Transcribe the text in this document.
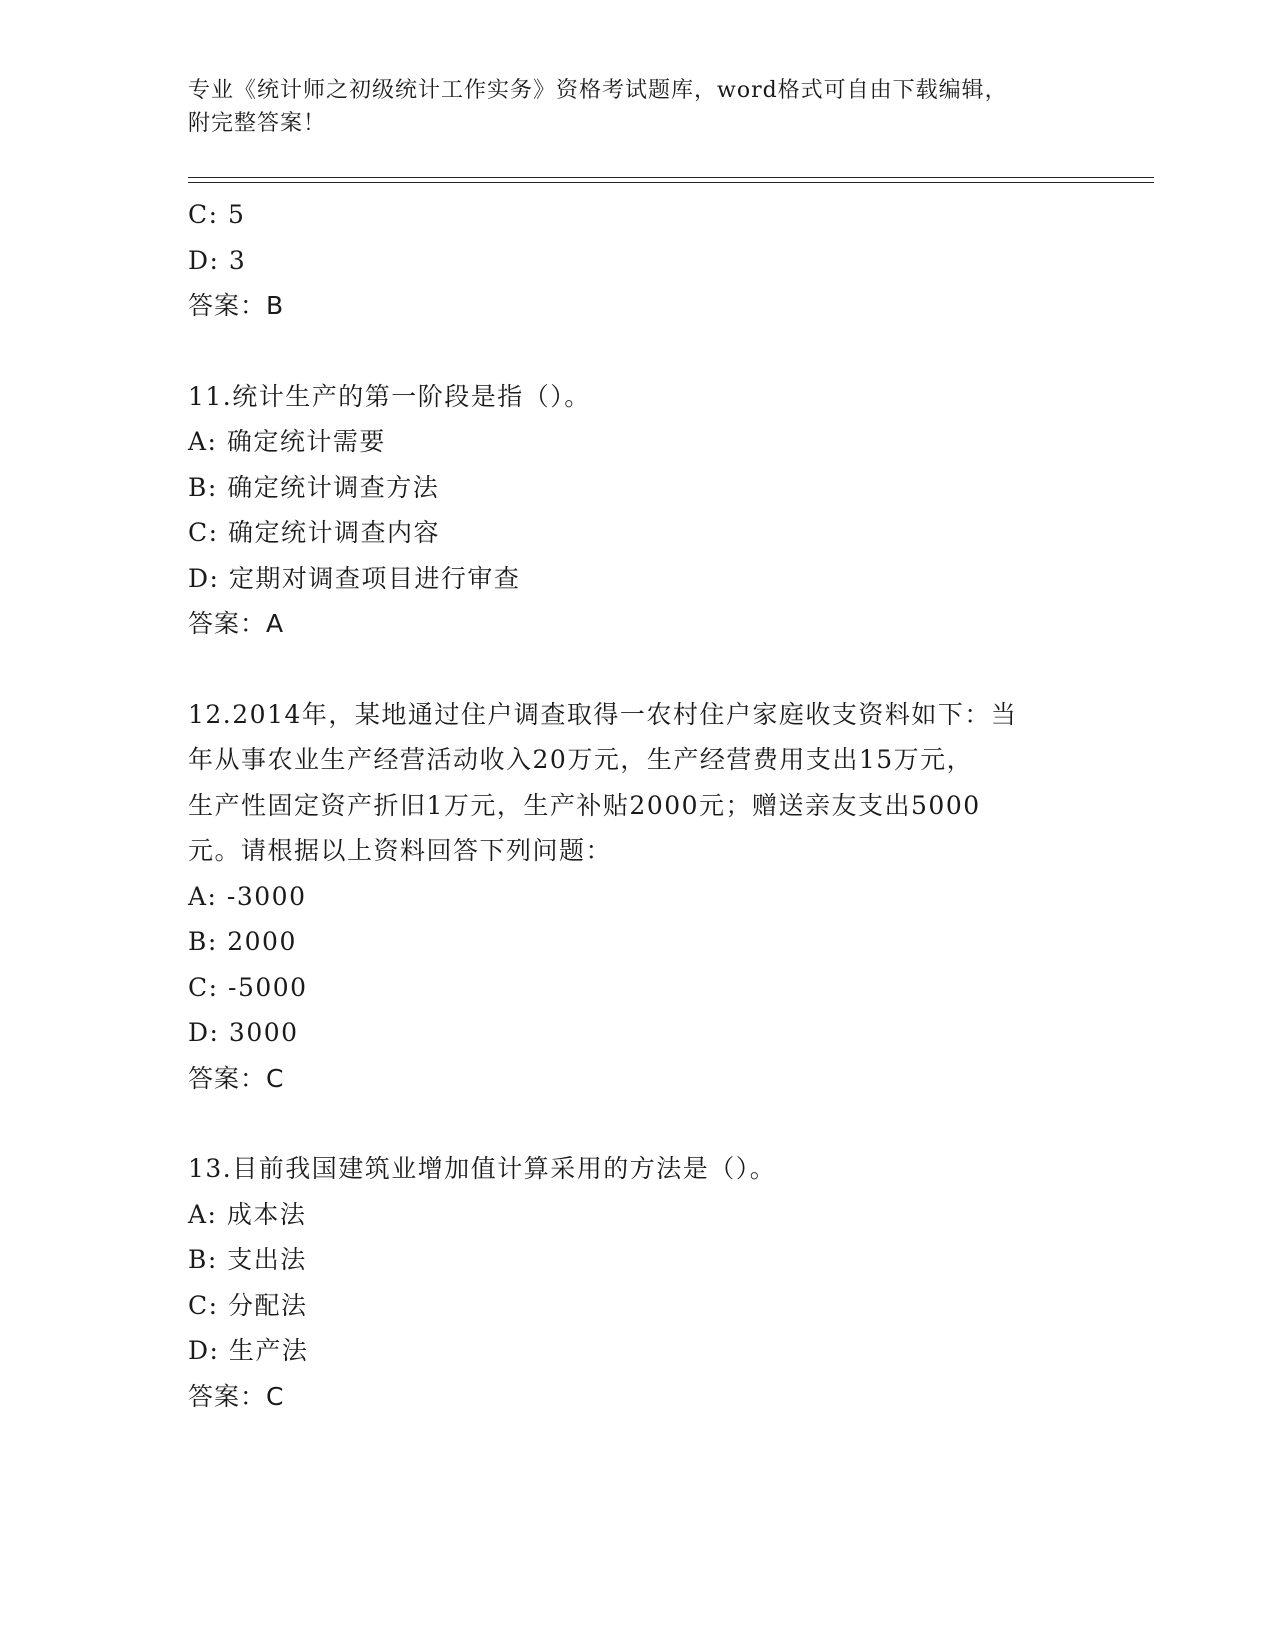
专业《统计师之初级统计工作实务》资格考试题库，word格式可自由下载编辑，
附完整答案！
C: 5
D: 3
答案：B
11.统计生产的第一阶段是指（）。
A: 确定统计需要
B: 确定统计调查方法
C: 确定统计调查内容
D: 定期对调查项目进行审查
答案：A
12.2014年，某地通过住户调查取得一农村住户家庭收支资料如下：当
年从事农业生产经营活动收入20万元，生产经营费用支出15万元，
生产性固定资产折旧1万元，生产补贴2000元；赠送亲友支出5000
元。请根据以上资料回答下列问题：
A: -3000
B: 2000
C: -5000
D: 3000
答案：C
13.目前我国建筑业增加值计算采用的方法是（）。
A: 成本法
B: 支出法
C: 分配法
D: 生产法
答案：C
